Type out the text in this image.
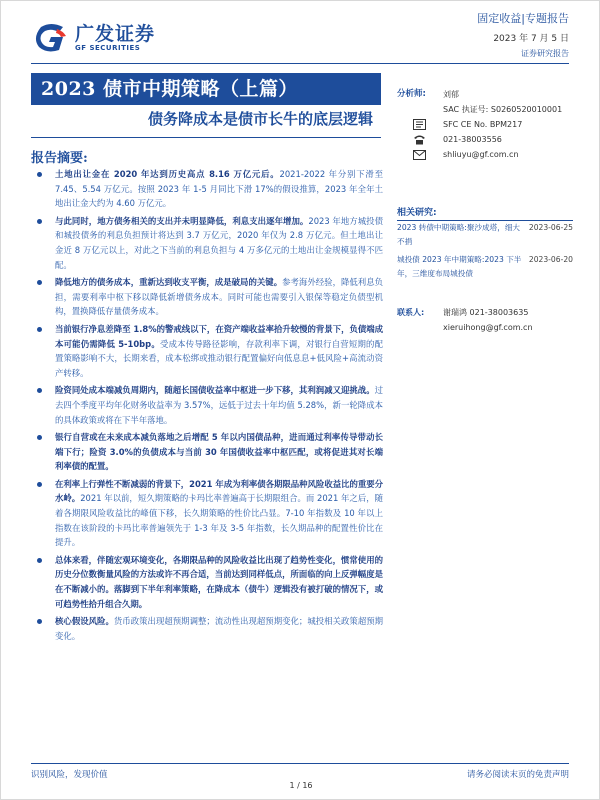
广发证券
GF SECURITIES
固定收益|专题报告
2023 年 7 月 5 日
证券研究报告
2023 债市中期策略（上篇）
债务降成本是债市长牛的底层逻辑
报告摘要:
土地出让金在 2020 年达到历史高点 8.16 万亿元后。2021-2022 年分别下滑至 7.45、5.54 万亿元。按照 2023 年 1-5 月同比下滑 17%的假设推算，2023 年全年土地出让金大约为 4.60 万亿元。
与此同时，地方债务相关的支出并未明显降低，利息支出逐年增加。2023 年地方城投债和城投债务的利息负担预计将达到 3.7 万亿元，2020 年仅为 2.8 万亿元。但土地出让金近 8 万亿元以上，对此之下当前的利息负担与 4 万多亿元的土地出让金规模显得不匹配。
降低地方的债务成本，重新达到收支平衡，成是破局的关键。参考海外经验，降低利息负担，需要利率中枢下移以降低新增债务成本。同时可能也需要引入银保等稳定负债型机构，置换降低存量债务成本。
当前银行净息差降至 1.8%的警戒线以下，在资产端收益率拾升较慢的背景下，负债端成本可能仍需降低 5-10bp。受成本传导路径影响，存款利率下调，对银行自营短期的配置策略影响不大，长期来看，成本松绑或推动银行配置偏好向低息息+低风险+高流动资产转移。
险资同处成本端减负周期内，随超长国债收益率中枢进一步下移，其利润减又迎挑战。过去四个季度平均年化财务收益率为 3.57%，远低于过去十年均值 5.28%，新一轮降成本的具体政策或将在下半年落地。
银行自营或在未来成本减负落地之后增配 5 年以内国债品种，进而通过利率传导带动长端下行；险资 3.0%的负债成本与当前 30 年国债收益率中枢匹配，或将促进其对长端利率债的配置。
在利率上行弹性不断减弱的背景下，2021 年成为利率债各期限品种风险收益比的重要分水岭。2021 年以前，短久期策略的卡玛比率普遍高于长期限组合。而 2021 年之后，随着各期限风险收益比的峰值下移，长久期策略的性价比凸显。7-10 年指数及 10 年以上指数在该阶段的卡玛比率普遍领先于 1-3 年及 3-5 年指数，长久期品种的配置性价比在提升。
总体来看，伴随宏观环境变化，各期限品种的风险收益比出现了趋势性变化，惯常使用的历史分位数衡量风险的方法或许不再合适，当前达到同样低点，所面临的向上反弹幅度是在不断减小的。落脚到下半年利率策略，在降成本（债牛）逻辑没有被打破的情况下，或可趋势性拾升组合久期。
核心假设风险。货币政策出现超预期调整；流动性出现超预期变化；城投相关政策超预期变化。
分析师:	刘郁
SAC 执证号: S0260520010001
SFC CE No. BPM217
021-38003556
shliuyu@gf.com.cn
相关研究:
2023 转债中期策略:聚沙成塔，细大不捐
2023-06-25
城投债 2023 年中期策略:2023 下半年，三维度布局城投债
2023-06-20
联系人: 谢瑞鸿 021-38003635
xieruihong@gf.com.cn
识别风险，发现价值	请务必阅读末页的免责声明
1 / 16
